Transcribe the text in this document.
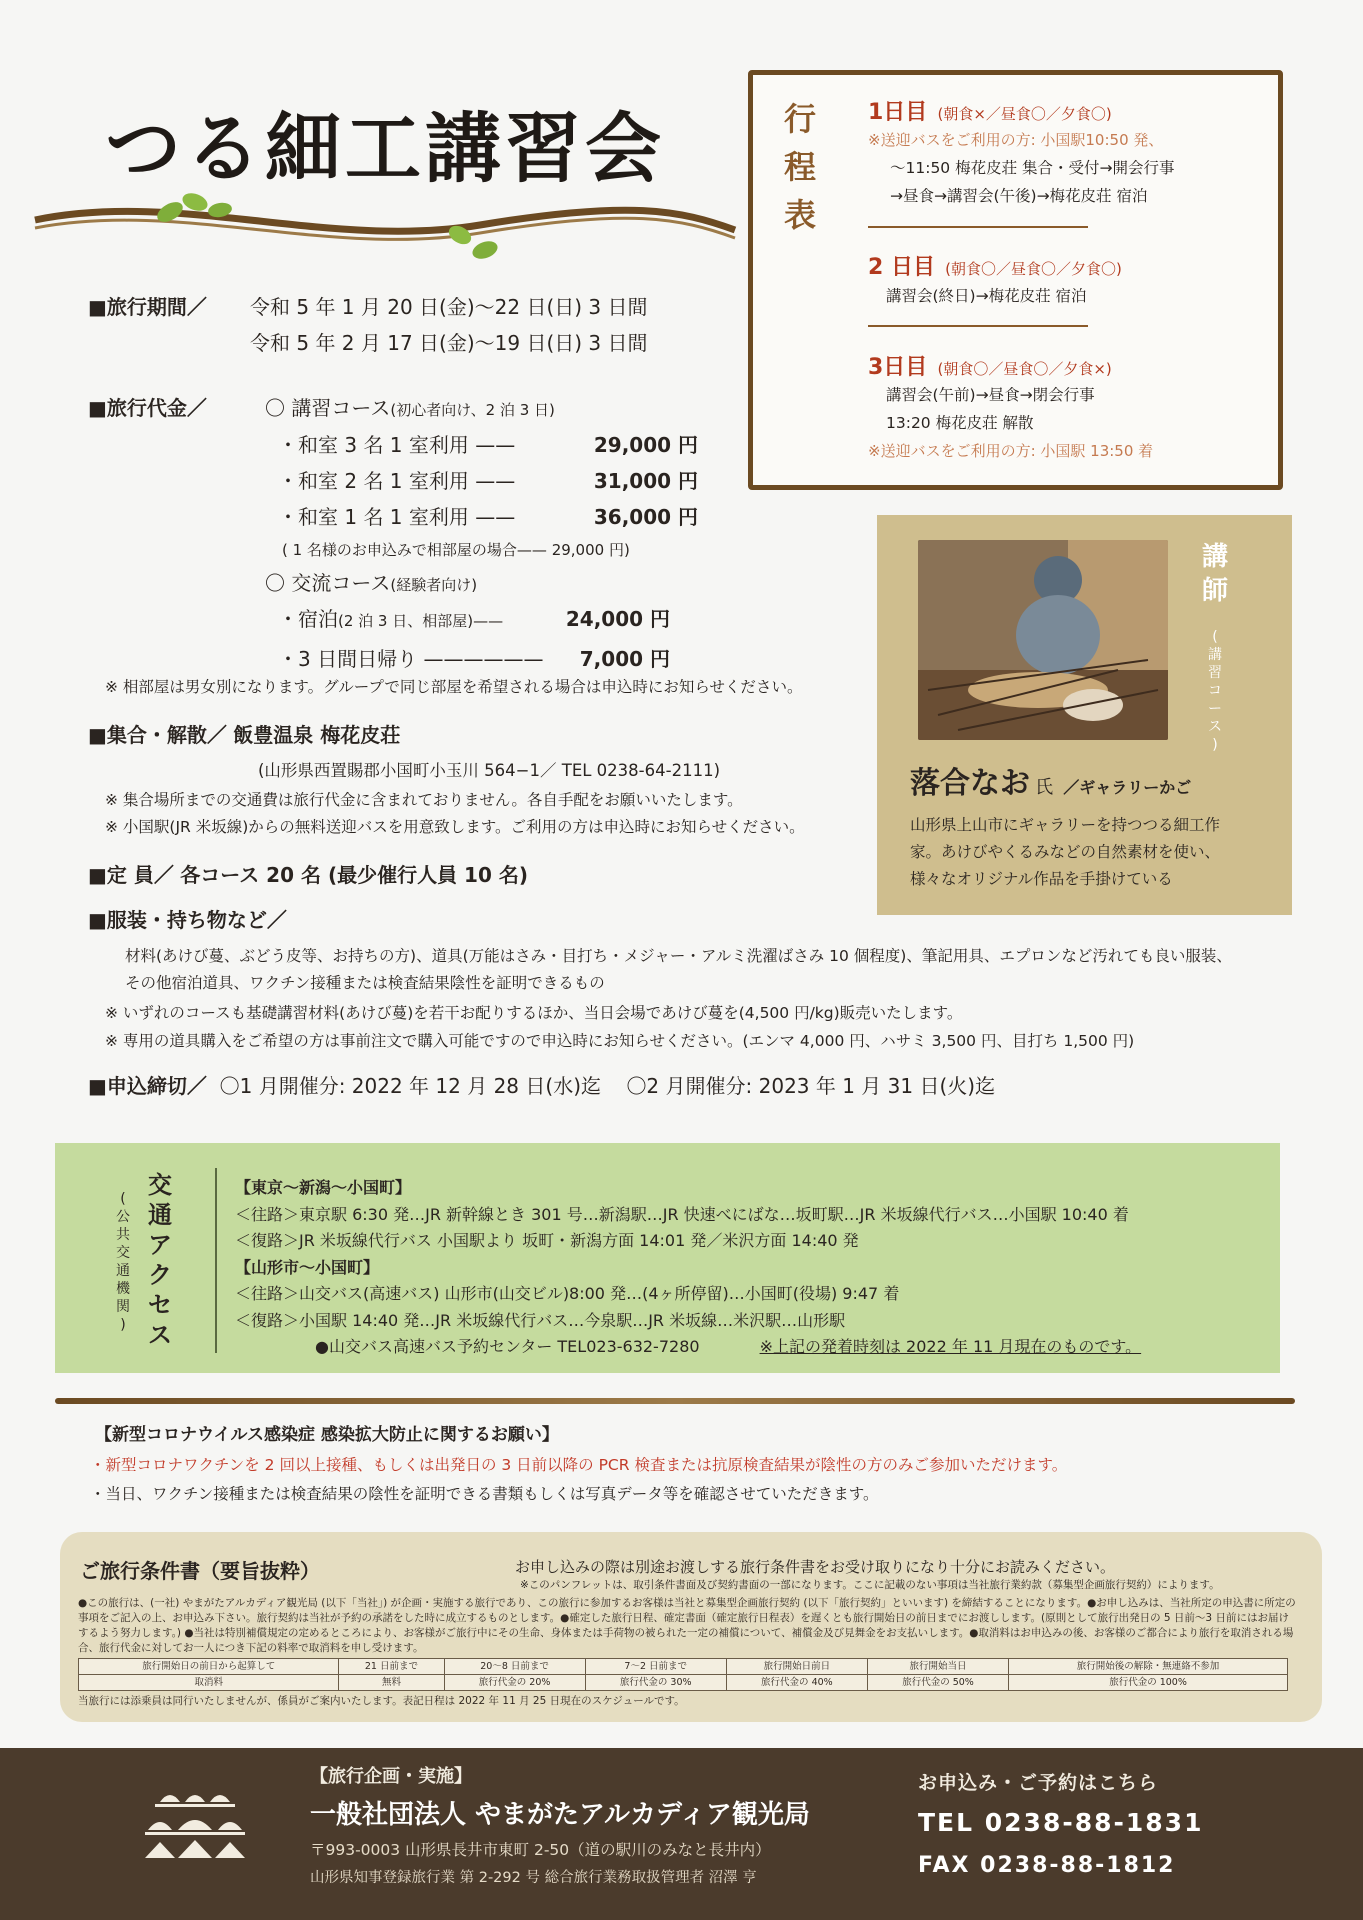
つる細工講習会
■旅行期間／ 令和 5 年 1 月 20 日(金)〜22 日(日) 3 日間
令和 5 年 2 月 17 日(金)〜19 日(日) 3 日間
■旅行代金／	〇 講習コース(初心者向け、2 泊 3 日)
・和室 3 名 1 室利用 ——	29,000 円
・和室 2 名 1 室利用 ——	31,000 円
・和室 1 名 1 室利用 ——	36,000 円
( 1 名様のお申込みで相部屋の場合—— 29,000 円)
〇 交流コース(経験者向け)
・宿泊(2 泊 3 日、相部屋)——	24,000 円
・3 日間日帰り —————— 7,000 円
※ 相部屋は男女別になります。グループで同じ部屋を希望される場合は申込時にお知らせください。
■集合・解散／ 飯豊温泉 梅花皮荘
(山形県西置賜郡小国町小玉川 564−1／ TEL 0238-64-2111)
※ 集合場所までの交通費は旅行代金に含まれておりません。各自手配をお願いいたします。
※ 小国駅(JR 米坂線)からの無料送迎バスを用意致します。ご利用の方は申込時にお知らせください。
■定 員／ 各コース 20 名 (最少催行人員 10 名)
■服装・持ち物など／
材料(あけび蔓、ぶどう皮等、お持ちの方)、道具(万能はさみ・目打ち・メジャー・アルミ洗濯ばさみ 10 個程度)、筆記用具、エプロンなど汚れても良い服装、
その他宿泊道具、ワクチン接種または検査結果陰性を証明できるもの
※ いずれのコースも基礎講習材料(あけび蔓)を若干お配りするほか、当日会場であけび蔓を(4,500 円/kg)販売いたします。
※ 専用の道具購入をご希望の方は事前注文で購入可能ですので申込時にお知らせください。(エンマ 4,000 円、ハサミ 3,500 円、目打ち 1,500 円)
■申込締切／ 〇1 月開催分: 2022 年 12 月 28 日(水)迄 〇2 月開催分: 2023 年 1 月 31 日(火)迄
行
程
表
1日目 (朝食×／昼食〇／夕食〇)
※送迎バスをご利用の方: 小国駅10:50 発、
〜11:50 梅花皮荘 集合・受付→開会行事
→昼食→講習会(午後)→梅花皮荘 宿泊
2 日目 (朝食〇／昼食〇／夕食〇)
講習会(終日)→梅花皮荘 宿泊
3日目 (朝食〇／昼食〇／夕食×)
講習会(午前)→昼食→閉会行事
13:20 梅花皮荘 解散
※送迎バスをご利用の方: 小国駅 13:50 着
講
師
(
講
習
コ
ー
ス
)
落合なお 氏 ／ギャラリーかご
山形県上山市にギャラリーを持つつる細工作
家。あけびやくるみなどの自然素材を使い、
様々なオリジナル作品を手掛けている
(
公
共
交
通
機
関
)
交
通
ア
ク
セ
ス
【東京〜新潟〜小国町】
＜往路＞東京駅 6:30 発…JR 新幹線とき 301 号…新潟駅…JR 快速べにばな…坂町駅…JR 米坂線代行バス…小国駅 10:40 着
＜復路＞JR 米坂線代行バス 小国駅より 坂町・新潟方面 14:01 発／米沢方面 14:40 発
【山形市〜小国町】
＜往路＞山交バス(高速バス) 山形市(山交ビル)8:00 発…(4ヶ所停留)…小国町(役場) 9:47 着
＜復路＞小国駅 14:40 発…JR 米坂線代行バス…今泉駅…JR 米坂線…米沢駅…山形駅
●山交バス高速バス予約センター TEL023-632-7280	※上記の発着時刻は 2022 年 11 月現在のものです。
【新型コロナウイルス感染症 感染拡大防止に関するお願い】
・新型コロナワクチンを 2 回以上接種、もしくは出発日の 3 日前以降の PCR 検査または抗原検査結果が陰性の方のみご参加いただけます。
・当日、ワクチン接種または検査結果の陰性を証明できる書類もしくは写真データ等を確認させていただきます。
ご旅行条件書（要旨抜粋）	お申し込みの際は別途お渡しする旅行条件書をお受け取りになり十分にお読みください。
※このパンフレットは、取引条件書面及び契約書面の一部になります。ここに記載のない事項は当社旅行業約款（募集型企画旅行契約）によります。
●この旅行は、(一社) やまがたアルカディア観光局 (以下「当社」) が企画・実施する旅行であり、この旅行に参加するお客様は当社と募集型企画旅行契約 (以下「旅行契約」といいます) を締結することになります。●お申し込みは、当社所定の申込書に所定の事項をご記入の上、お申込み下さい。旅行契約は当社が予約の承諾をした時に成立するものとします。●確定した旅行日程、確定書面（確定旅行日程表）を遅くとも旅行開始日の前日までにお渡しします。(原則として旅行出発日の 5 日前〜3 日前にはお届けするよう努力します。) ●当社は特別補償規定の定めるところにより、お客様がご旅行中にその生命、身体または手荷物の被られた一定の補償について、補償金及び見舞金をお支払いします。●取消料はお申込みの後、お客様のご都合により旅行を取消される場合、旅行代金に対してお一人につき下記の料率で取消料を申し受けます。
旅行開始日の前日から起算して	21 日前まで	20〜8 日前まで	7〜2 日前まで	旅行開始日前日	旅行開始当日	旅行開始後の解除・無連絡不参加
取消料	無料	旅行代金の 20%	旅行代金の 30%	旅行代金の 40%	旅行代金の 50%	旅行代金の 100%
当旅行には添乗員は同行いたしませんが、係員がご案内いたします。表記日程は 2022 年 11 月 25 日現在のスケジュールです。
【旅行企画・実施】
一般社団法人 やまがたアルカディア観光局
〒993-0003 山形県長井市東町 2-50（道の駅川のみなと長井内）
山形県知事登録旅行業 第 2-292 号 総合旅行業務取扱管理者 沼澤 亨
お申込み・ご予約はこちら
TEL 0238-88-1831
FAX 0238-88-1812
